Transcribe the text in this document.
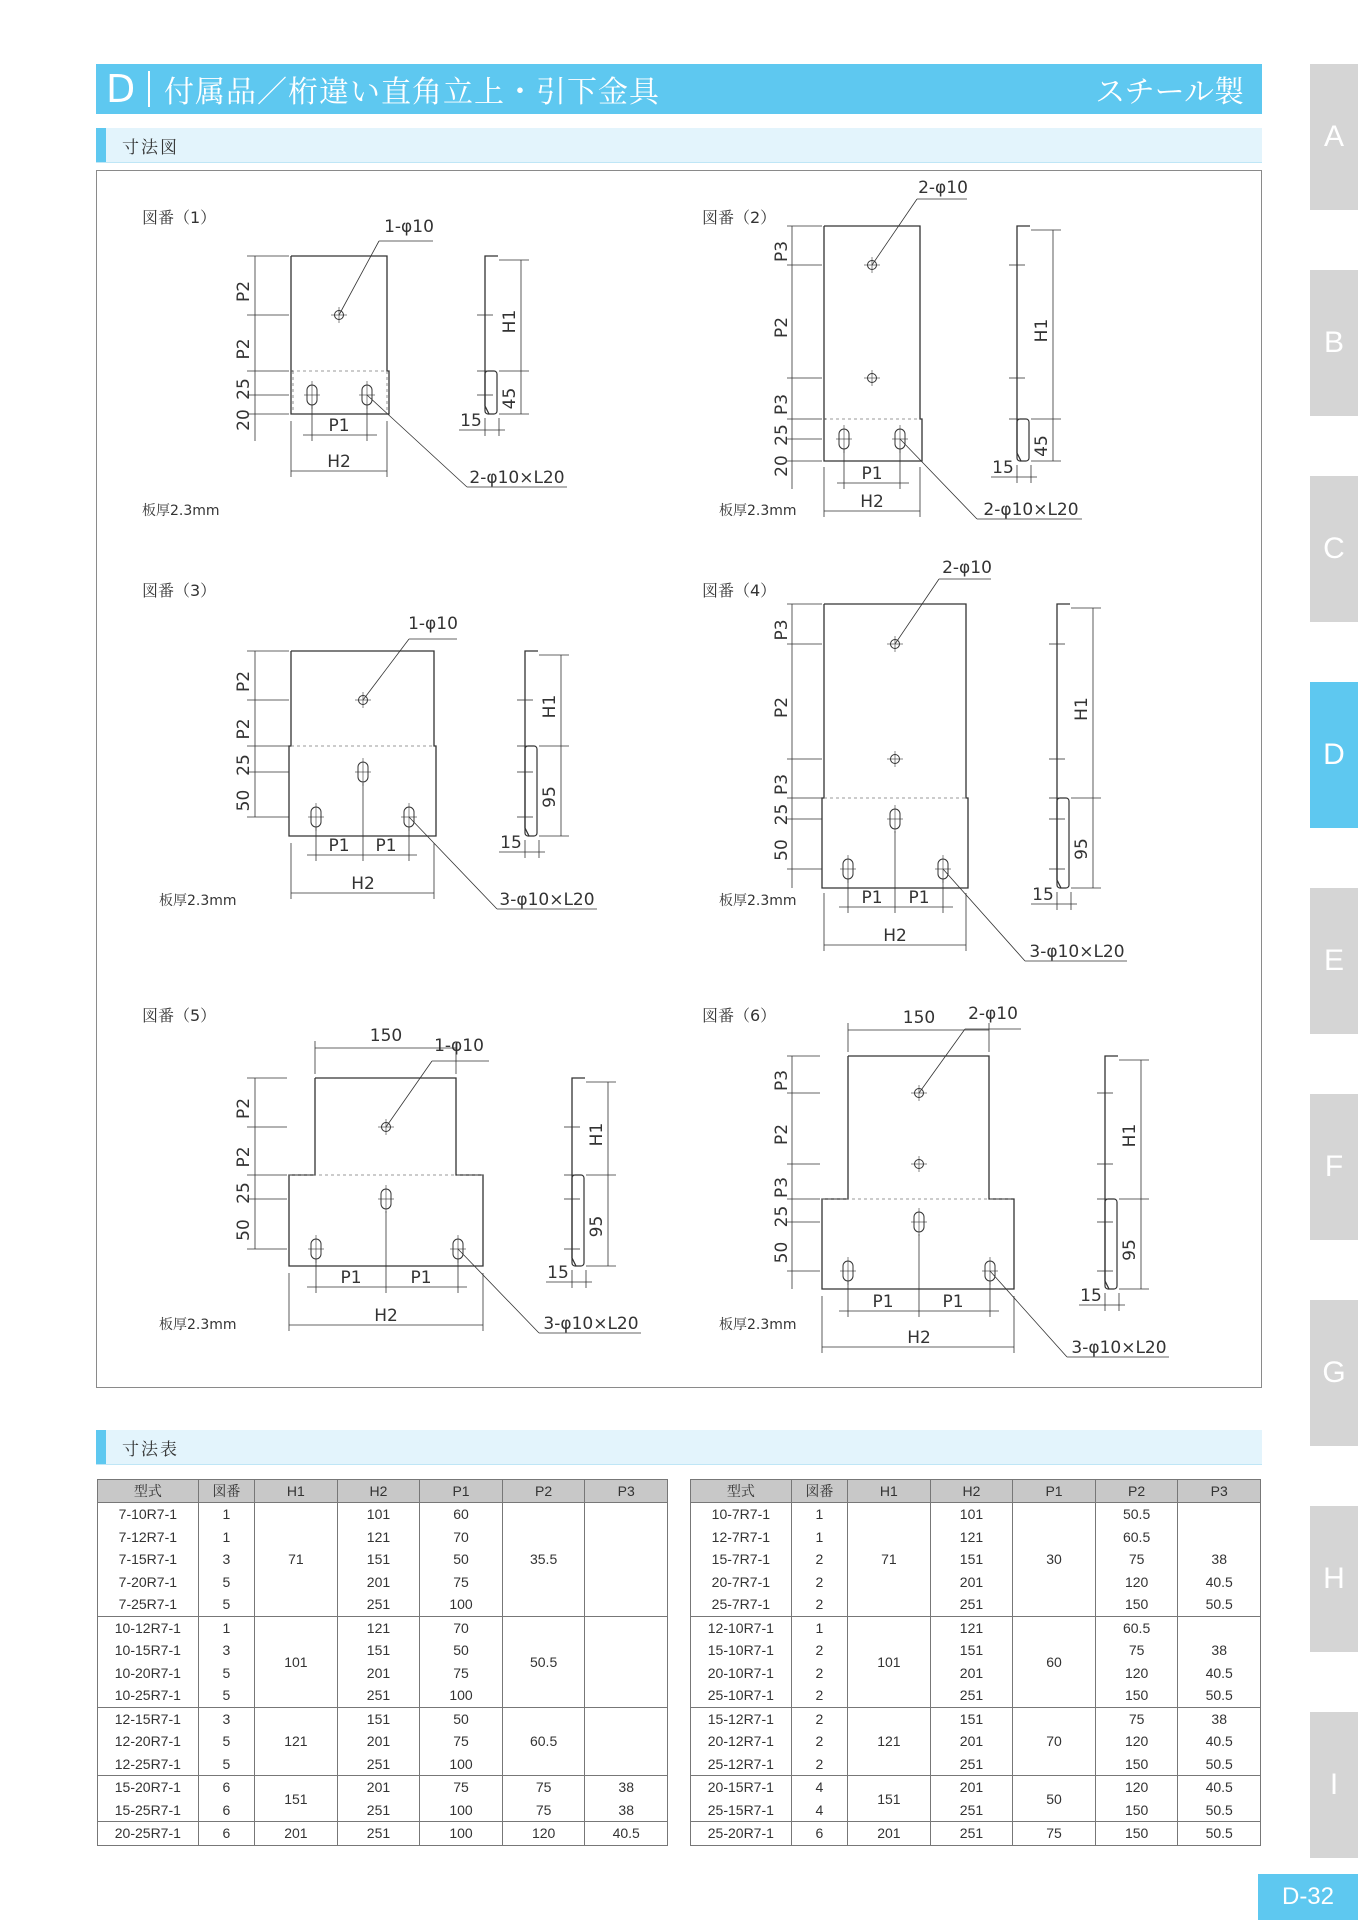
D 付属品／桁違い直角立上・引下金具	スチール製
寸法図
図番（1）
P2
P2
25
20	P1
H2
1-φ10
2-φ10×L20
H1
45
15
板厚2.3mm
図番（2）
P3
P2
P3
25
20	P1
H2
2-φ10
2-φ10×L20
H1
45
15
板厚2.3mm
図番（3）
P2
P2
25
50
P1 P1
H2
1-φ10
3-φ10×L20
H1
95
15
板厚2.3mm
図番（4）
P3
P2
P3
25
50
P1 P1
H2
2-φ10
3-φ10×L20
H1
95
15
板厚2.3mm
図番（5）
150
P2
P2
25
50
P1	P1
H2
1-φ10
3-φ10×L20
H1
95
15
板厚2.3mm
図番（6）	150
P3
P2
P3
25
50
P1	P1
H2
2-φ10
3-φ10×L20
H1
95
15
板厚2.3mm
寸法表
型式	図番	H1	H2	P1	P2	P3
7-10R7-1	1	71	101	60	35.5	
7-12R7-1	1		121	70		
7-15R7-1	3		151	50		
7-20R7-1	5		201	75		
7-25R7-1	5		251	100		
10-12R7-1	1	101	121	70	50.5	
10-15R7-1	3		151	50		
10-20R7-1	5		201	75		
10-25R7-1	5		251	100		
12-15R7-1	3	121	151	50	60.5	
12-20R7-1	5		201	75		
12-25R7-1	5		251	100		
15-20R7-1	6	151	201	75	75	38
15-25R7-1	6		251	100	75	38
20-25R7-1	6	201	251	100	120	40.5
型式	図番	H1	H2	P1	P2	P3
10-7R7-1	1	71	101	30	50.5	
12-7R7-1	1		121		60.5	
15-7R7-1	2		151		75	38
20-7R7-1	2		201		120	40.5
25-7R7-1	2		251		150	50.5
12-10R7-1	1	101	121	60	60.5	
15-10R7-1	2		151		75	38
20-10R7-1	2		201		120	40.5
25-10R7-1	2		251		150	50.5
15-12R7-1	2	121	151	70	75	38
20-12R7-1	2		201		120	40.5
25-12R7-1	2		251		150	50.5
20-15R7-1	4	151	201	50	120	40.5
25-15R7-1	4		251		150	50.5
25-20R7-1	6	201	251	75	150	50.5
A
B
C
D
E
F
G
H
I
D-32
